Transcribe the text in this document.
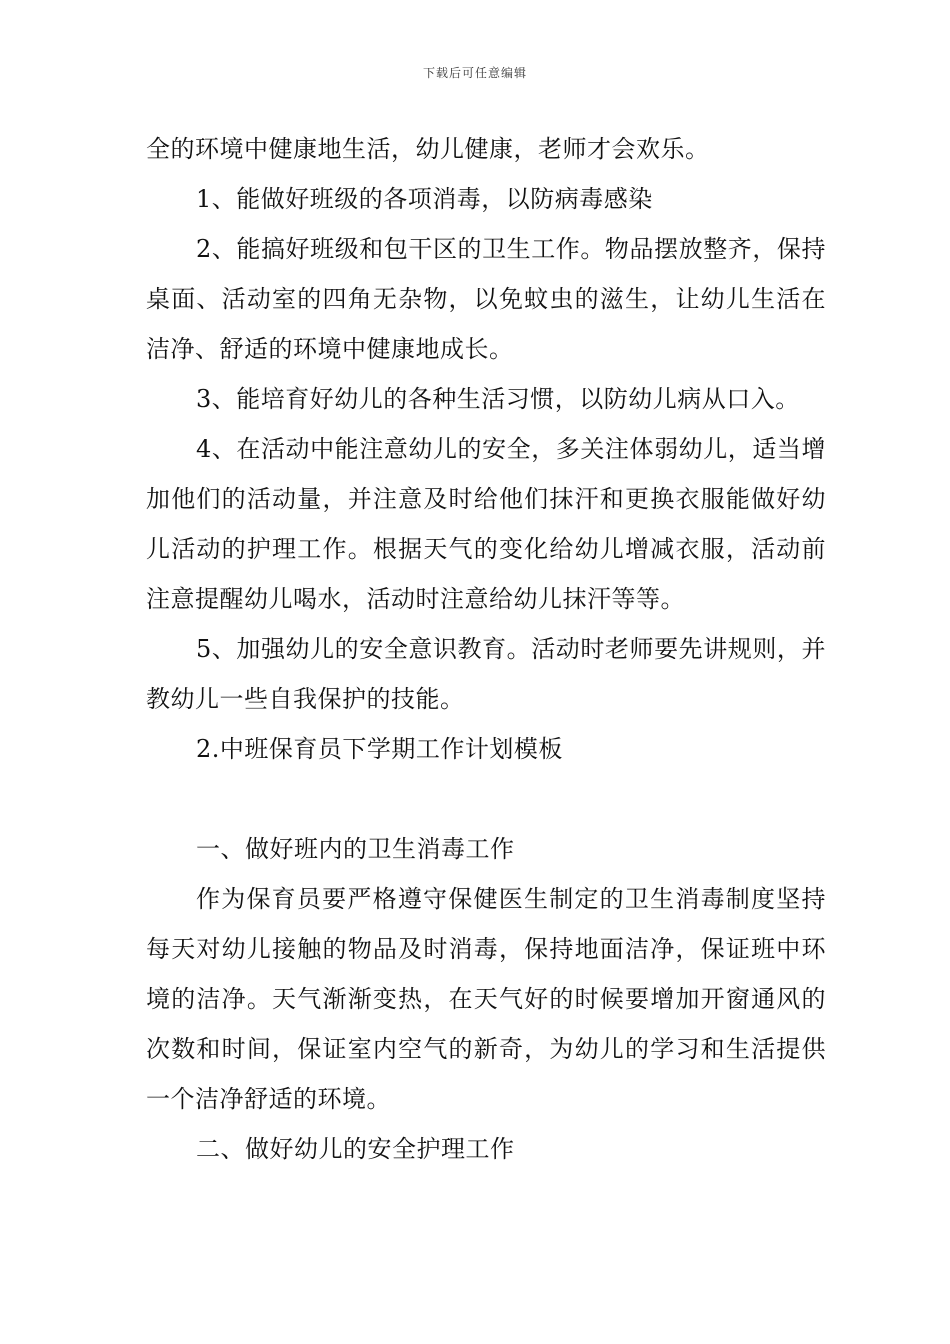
下载后可任意编辑

全的环境中健康地生活，幼儿健康，老师才会欢乐。

1、能做好班级的各项消毒，以防病毒感染

2、能搞好班级和包干区的卫生工作。物品摆放整齐，保持桌面、活动室的四角无杂物，以免蚊虫的滋生，让幼儿生活在洁净、舒适的环境中健康地成长。

3、能培育好幼儿的各种生活习惯，以防幼儿病从口入。

4、在活动中能注意幼儿的安全，多关注体弱幼儿，适当增加他们的活动量，并注意及时给他们抹汗和更换衣服能做好幼儿活动的护理工作。根据天气的变化给幼儿增减衣服，活动前注意提醒幼儿喝水，活动时注意给幼儿抹汗等等。

5、加强幼儿的安全意识教育。活动时老师要先讲规则，并教幼儿一些自我保护的技能。

2.中班保育员下学期工作计划模板

一、做好班内的卫生消毒工作

作为保育员要严格遵守保健医生制定的卫生消毒制度坚持每天对幼儿接触的物品及时消毒，保持地面洁净，保证班中环境的洁净。天气渐渐变热，在天气好的时候要增加开窗通风的次数和时间，保证室内空气的新奇，为幼儿的学习和生活提供一个洁净舒适的环境。

二、做好幼儿的安全护理工作
